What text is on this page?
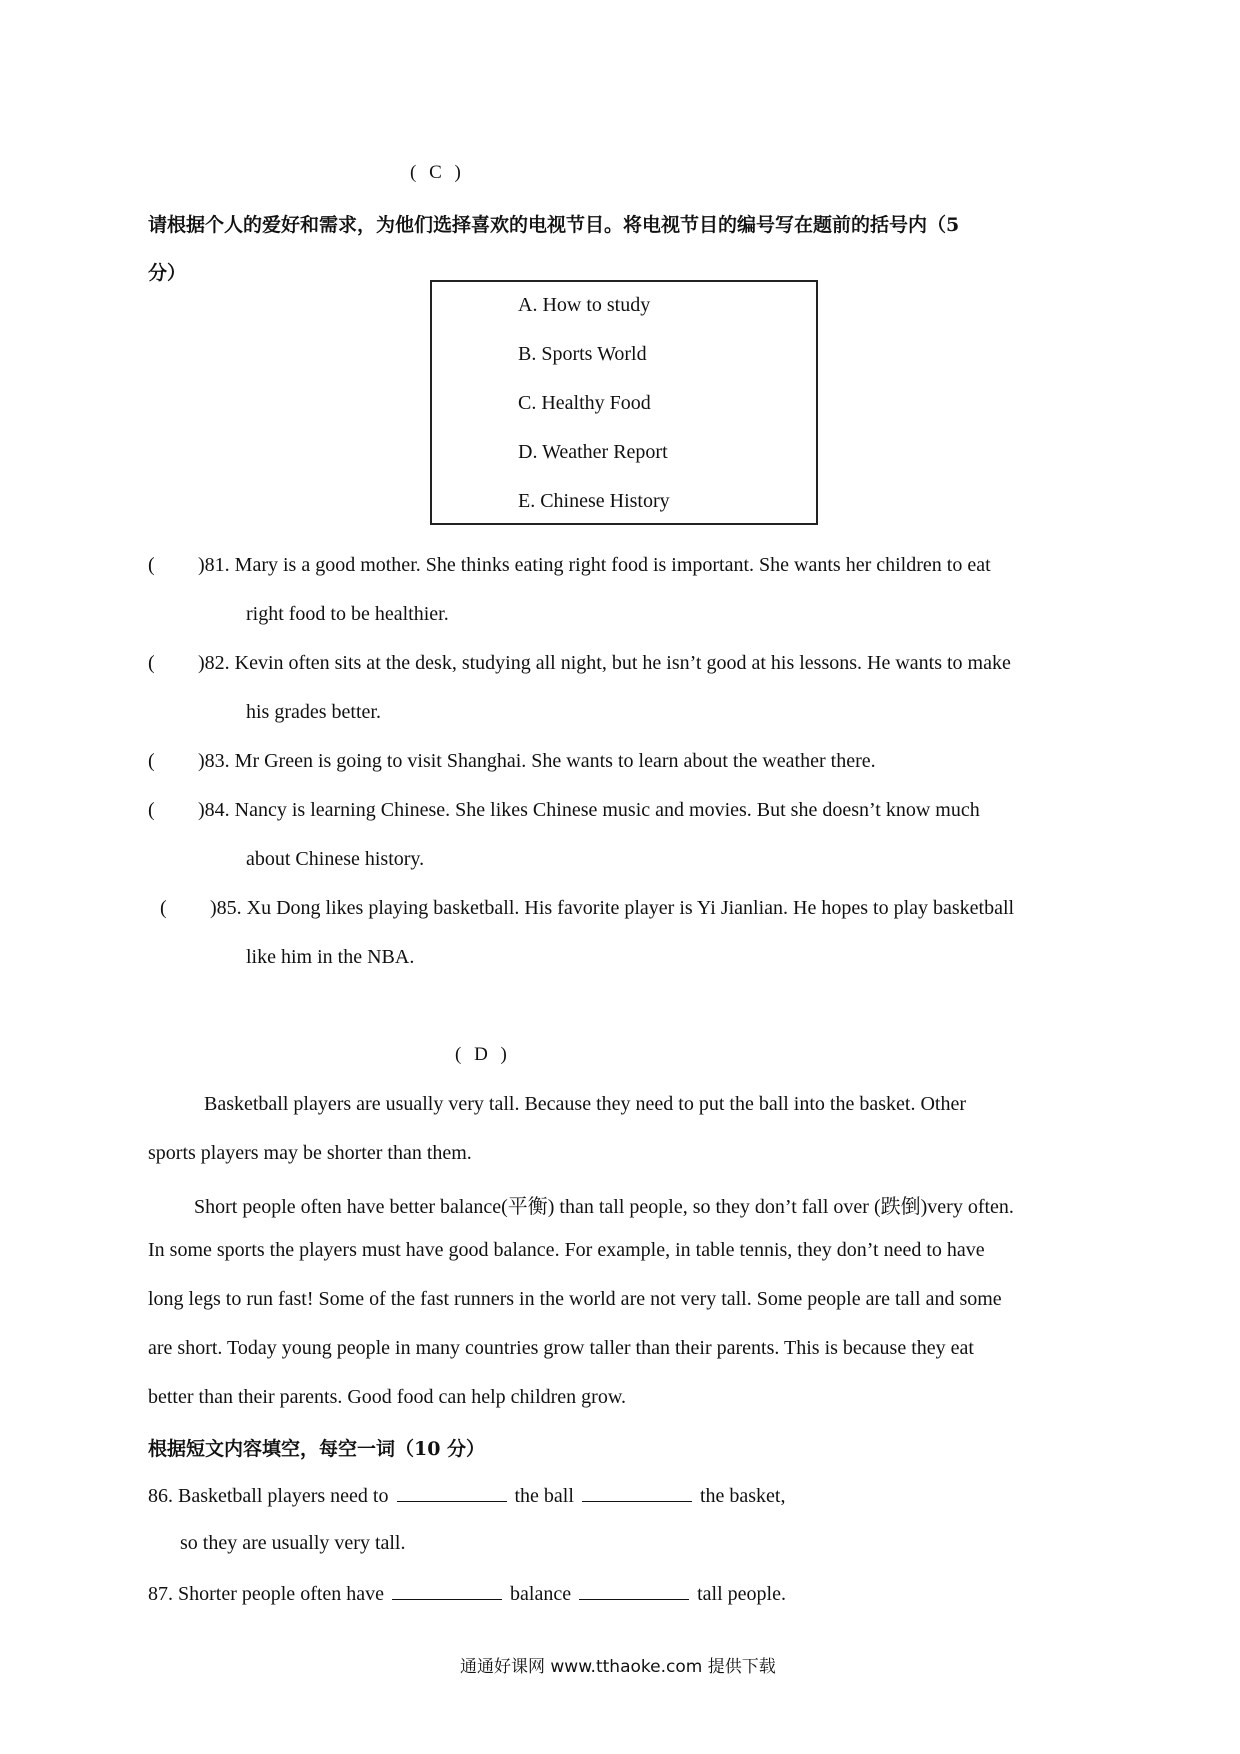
( C )
请根据个人的爱好和需求，为他们选择喜欢的电视节目。将电视节目的编号写在题前的括号内（5
分）
A. How to study
B. Sports World
C. Healthy Food
D. Weather Report
E. Chinese History
( )81. Mary is a good mother. She thinks eating right food is important. She wants her children to eat
right food to be healthier.
( )82. Kevin often sits at the desk, studying all night, but he isn’t good at his lessons. He wants to make
his grades better.
( )83. Mr Green is going to visit Shanghai. She wants to learn about the weather there.
( )84. Nancy is learning Chinese. She likes Chinese music and movies. But she doesn’t know much
about Chinese history.
( )85. Xu Dong likes playing basketball. His favorite player is Yi Jianlian. He hopes to play basketball
like him in the NBA.
( D )
Basketball players are usually very tall. Because they need to put the ball into the basket. Other
sports players may be shorter than them.
Short people often have better balance(平衡) than tall people, so they don’t fall over (跌倒)very often.
In some sports the players must have good balance. For example, in table tennis, they don’t need to have
long legs to run fast! Some of the fast runners in the world are not very tall. Some people are tall and some
are short. Today young people in many countries grow taller than their parents. This is because they eat
better than their parents. Good food can help children grow.
根据短文内容填空，每空一词（10 分）
86. Basketball players need to	the ball	the basket,
so they are usually very tall.
87. Shorter people often have	balance	tall people.
通通好课网 www.tthaoke.com 提供下载
